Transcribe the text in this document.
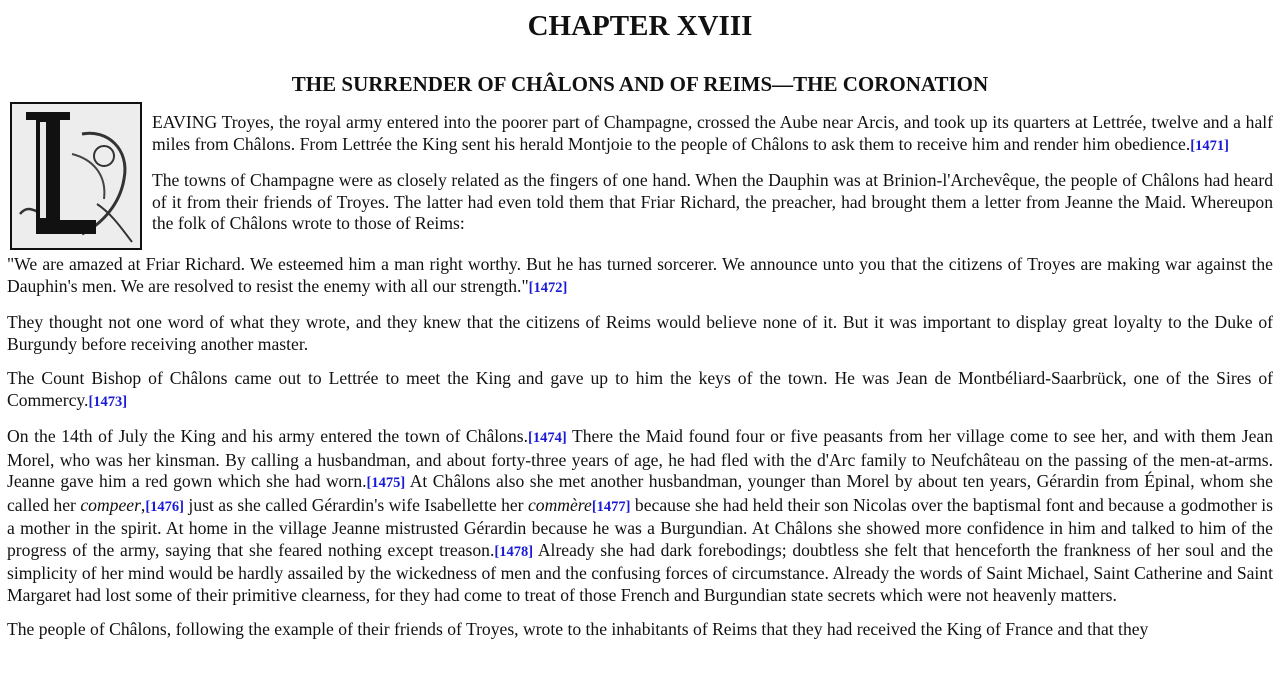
CHAPTER XVIII
THE SURRENDER OF CHÂLONS AND OF REIMS—THE CORONATION

EAVING Troyes, the royal army entered into the poorer part of Champagne, crossed the Aube near Arcis, and took up its quarters at Lettrée, twelve and a half miles from Châlons. From Lettrée the King sent his herald Montjoie to the people of Châlons to ask them to receive him and render him obedience.[1471]

The towns of Champagne were as closely related as the fingers of one hand. When the Dauphin was at Brinion-l'Archevêque, the people of Châlons had heard of it from their friends of Troyes. The latter had even told them that Friar Richard, the preacher, had brought them a letter from Jeanne the Maid. Whereupon the folk of Châlons wrote to those of Reims:

"We are amazed at Friar Richard. We esteemed him a man right worthy. But he has turned sorcerer. We announce unto you that the citizens of Troyes are making war against the Dauphin's men. We are resolved to resist the enemy with all our strength."[1472]

They thought not one word of what they wrote, and they knew that the citizens of Reims would believe none of it. But it was important to display great loyalty to the Duke of Burgundy before receiving another master.

The Count Bishop of Châlons came out to Lettrée to meet the King and gave up to him the keys of the town. He was Jean de Montbéliard-Saarbrück, one of the Sires of Commercy.[1473]

On the 14th of July the King and his army entered the town of Châlons.[1474] There the Maid found four or five peasants from her village come to see her, and with them Jean Morel, who was her kinsman. By calling a husbandman, and about forty-three years of age, he had fled with the d'Arc family to Neufchâteau on the passing of the men-at-arms. Jeanne gave him a red gown which she had worn.[1475] At Châlons also she met another husbandman, younger than Morel by about ten years, Gérardin from Épinal, whom she called her compeer,[1476] just as she called Gérardin's wife Isabellette her commère[1477] because she had held their son Nicolas over the baptismal font and because a godmother is a mother in the spirit. At home in the village Jeanne mistrusted Gérardin because he was a Burgundian. At Châlons she showed more confidence in him and talked to him of the progress of the army, saying that she feared nothing except treason.[1478] Already she had dark forebodings; doubtless she felt that henceforth the frankness of her soul and the simplicity of her mind would be hardly assailed by the wickedness of men and the confusing forces of circumstance. Already the words of Saint Michael, Saint Catherine and Saint Margaret had lost some of their primitive clearness, for they had come to treat of those French and Burgundian state secrets which were not heavenly matters.

The people of Châlons, following the example of their friends of Troyes, wrote to the inhabitants of Reims that they had received the King of France and that they
